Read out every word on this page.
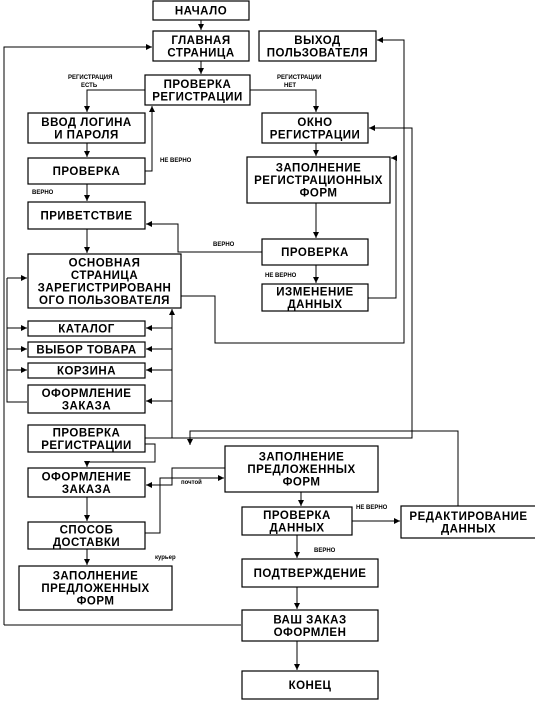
НАЧАЛО
ГЛАВНАЯ
СТРАНИЦА
ВЫХОД
ПОЛЬЗОВАТЕЛЯ
ПРОВЕРКА
РЕГИСТРАЦИИ
ВВОД ЛОГИНА
И ПАРОЛЯ
ОКНО
РЕГИСТРАЦИИ
ПРОВЕРКА	ЗАПОЛНЕНИЕ
РЕГИСТРАЦИОННЫХ
ФОРМ
ПРИВЕТСТВИЕ
ПРОВЕРКА
ОСНОВНАЯ
СТРАНИЦА
ЗАРЕГИСТРИРОВАНН
ОГО ПОЛЬЗОВАТЕЛЯ
ИЗМЕНЕНИЕ
ДАННЫХ
КАТАЛОГ
ВЫБОР ТОВАРА
КОРЗИНА
ОФОРМЛЕНИЕ
ЗАКАЗА
ПРОВЕРКА
РЕГИСТРАЦИИ
ЗАПОЛНЕНИЕ
ПРЕДЛОЖЕННЫХ
ФОРМ
ОФОРМЛЕНИЕ
ЗАКАЗА
ПРОВЕРКА
ДАННЫХ
РЕДАКТИРОВАНИЕ
ДАННЫХ
СПОСОБ
ДОСТАВКИ
ПОДТВЕРЖДЕНИЕ
ЗАПОЛНЕНИЕ
ПРЕДЛОЖЕННЫХ
ФОРМ
ВАШ ЗАКАЗ
ОФОРМЛЕН
КОНЕЦ
РЕГИСТРАЦИЯ
ЕСТЬ
РЕГИСТРАЦИИ
НЕТ
НЕ ВЕРНО
ВЕРНО
ВЕРНО
НЕ ВЕРНО
почтой
курьер
НЕ ВЕРНО
ВЕРНО
